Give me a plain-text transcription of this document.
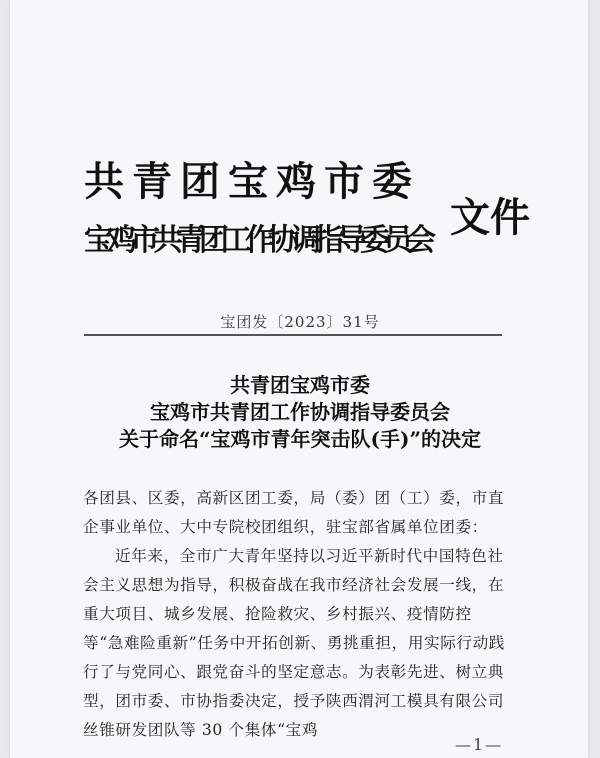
共青团宝鸡市委
宝鸡市共青团工作协调指导委员会 文件
宝团发〔2023〕31号
共青团宝鸡市委
宝鸡市共青团工作协调指导委员会
关于命名“宝鸡市青年突击队(手)”的决定

各团县、区委，高新区团工委，局（委）团（工）委，市直企事业单位、大中专院校团组织，驻宝部省属单位团委：

近年来，全市广大青年坚持以习近平新时代中国特色社会主义思想为指导，积极奋战在我市经济社会发展一线，在重大项目、城乡发展、抢险救灾、乡村振兴、疫情防控等“急难险重新”任务中开拓创新、勇挑重担，用实际行动践行了与党同心、跟党奋斗的坚定意志。为表彰先进、树立典型，团市委、市协指委决定，授予陕西渭河工模具有限公司丝锥研发团队等 30 个集体“宝鸡

—1—
